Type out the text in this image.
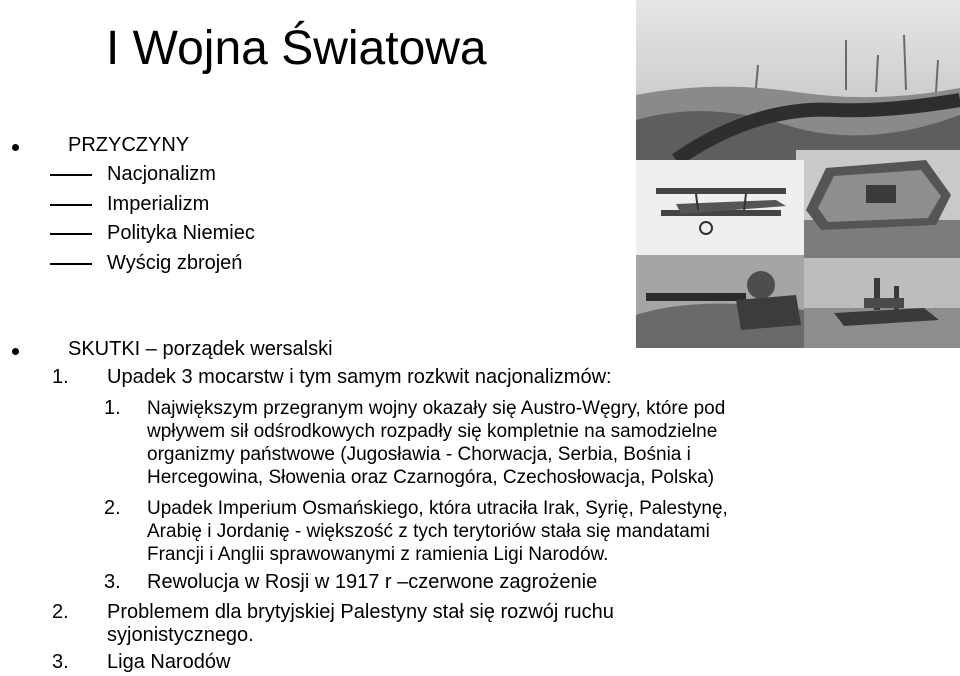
I Wojna Światowa
PRZYCZYNY
Nacjonalizm
Imperializm
Polityka Niemiec
Wyścig zbrojeń
SKUTKI – porządek wersalski
1. Upadek 3 mocarstw i tym samym rozkwit nacjonalizmów:
1. Największym przegranym wojny okazały się Austro-Węgry, które pod
wpływem sił odśrodkowych rozpadły się kompletnie na samodzielne
organizmy państwowe (Jugosławia - Chorwacja, Serbia, Bośnia i
Hercegowina, Słowenia oraz Czarnogóra, Czechosłowacja, Polska)
2. Upadek Imperium Osmańskiego, która utraciła Irak, Syrię, Palestynę,
Arabię i Jordanię - większość z tych terytoriów stała się mandatami
Francji i Anglii sprawowanymi z ramienia Ligi Narodów.
3. Rewolucja w Rosji w 1917 r –czerwone zagrożenie
2. Problemem dla brytyjskiej Palestyny stał się rozwój ruchu
syjonistycznego.
3. Liga Narodów
